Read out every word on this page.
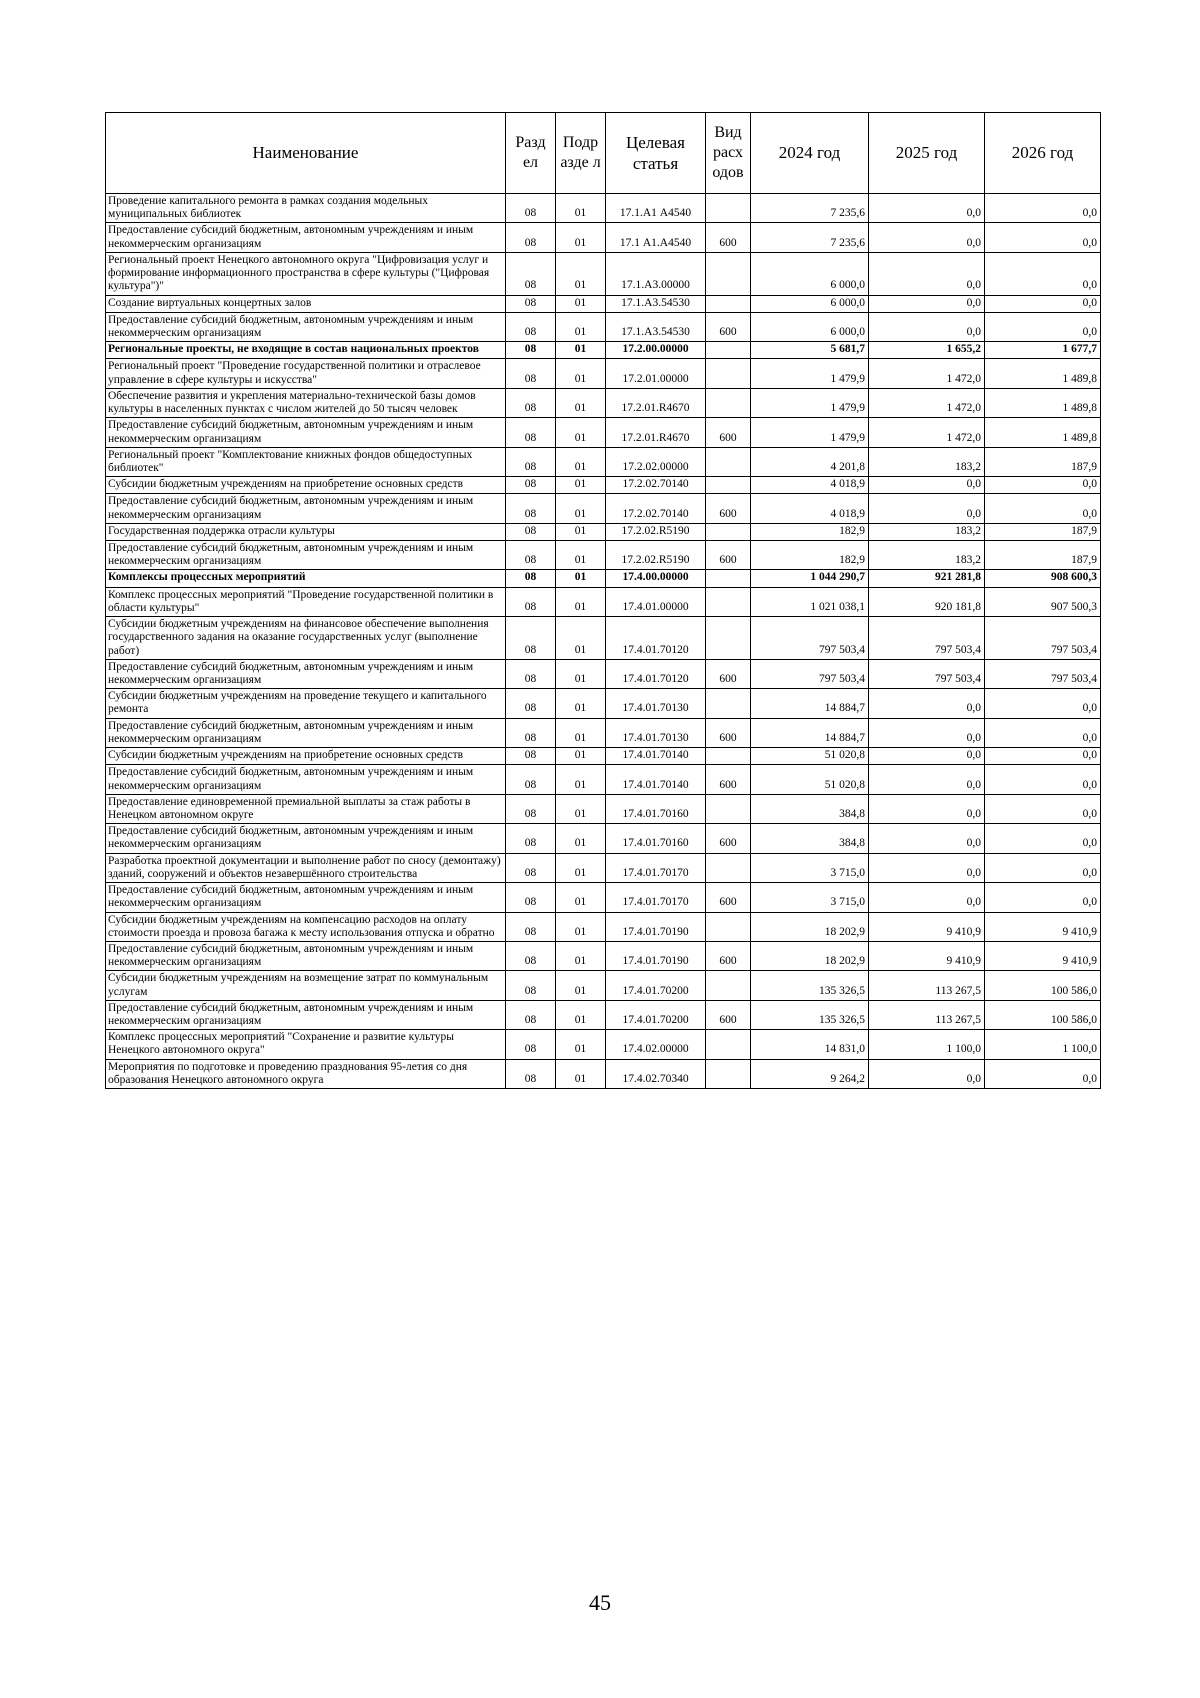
Наименование	Разд ел	Подр азде л	Целевая статья	Вид расх одов	2024 год	2025 год	2026 год
Проведение капитального ремонта в рамках создания модельных муниципальных библиотек	08	01	17.1.А1 А4540		7 235,6	0,0	0,0
Предоставление субсидий бюджетным, автономным учреждениям и иным некоммерческим организациям	08	01	17.1 А1.А4540	600	7 235,6	0,0	0,0
Региональный проект Ненецкого автономного округа "Цифровизация услуг и формирование информационного пространства в сфере культуры ("Цифровая культура")"	08	01	17.1.А3.00000		6 000,0	0,0	0,0
Создание виртуальных концертных залов	08	01	17.1.А3.54530		6 000,0	0,0	0,0
Предоставление субсидий бюджетным, автономным учреждениям и иным некоммерческим организациям	08	01	17.1.А3.54530	600	6 000,0	0,0	0,0
Региональные проекты, не входящие в состав национальных проектов	08	01	17.2.00.00000		5 681,7	1 655,2	1 677,7
Региональный проект "Проведение государственной политики и отраслевое управление в сфере культуры и искусства"	08	01	17.2.01.00000		1 479,9	1 472,0	1 489,8
Обеспечение развития и укрепления материально-технической базы домов культуры в населенных пунктах с числом жителей до 50 тысяч человек	08	01	17.2.01.R4670		1 479,9	1 472,0	1 489,8
Предоставление субсидий бюджетным, автономным учреждениям и иным некоммерческим организациям	08	01	17.2.01.R4670	600	1 479,9	1 472,0	1 489,8
Региональный проект "Комплектование книжных фондов общедоступных библиотек"	08	01	17.2.02.00000		4 201,8	183,2	187,9
Субсидии бюджетным учреждениям на приобретение основных средств	08	01	17.2.02.70140		4 018,9	0,0	0,0
Предоставление субсидий бюджетным, автономным учреждениям и иным некоммерческим организациям	08	01	17.2.02.70140	600	4 018,9	0,0	0,0
Государственная поддержка отрасли культуры	08	01	17.2.02.R5190		182,9	183,2	187,9
Предоставление субсидий бюджетным, автономным учреждениям и иным некоммерческим организациям	08	01	17.2.02.R5190	600	182,9	183,2	187,9
Комплексы процессных мероприятий	08	01	17.4.00.00000		1 044 290,7	921 281,8	908 600,3
Комплекс процессных мероприятий "Проведение государственной политики в области культуры"	08	01	17.4.01.00000		1 021 038,1	920 181,8	907 500,3
Субсидии бюджетным учреждениям на финансовое обеспечение выполнения государственного задания на оказание государственных услуг (выполнение работ)	08	01	17.4.01.70120		797 503,4	797 503,4	797 503,4
Предоставление субсидий бюджетным, автономным учреждениям и иным некоммерческим организациям	08	01	17.4.01.70120	600	797 503,4	797 503,4	797 503,4
Субсидии бюджетным учреждениям на проведение текущего и капитального ремонта	08	01	17.4.01.70130		14 884,7	0,0	0,0
Предоставление субсидий бюджетным, автономным учреждениям и иным некоммерческим организациям	08	01	17.4.01.70130	600	14 884,7	0,0	0,0
Субсидии бюджетным учреждениям на приобретение основных средств	08	01	17.4.01.70140		51 020,8	0,0	0,0
Предоставление субсидий бюджетным, автономным учреждениям и иным некоммерческим организациям	08	01	17.4.01.70140	600	51 020,8	0,0	0,0
Предоставление единовременной премиальной выплаты за стаж работы в Ненецком автономном округе	08	01	17.4.01.70160		384,8	0,0	0,0
Предоставление субсидий бюджетным, автономным учреждениям и иным некоммерческим организациям	08	01	17.4.01.70160	600	384,8	0,0	0,0
Разработка проектной документации и выполнение работ по сносу (демонтажу) зданий, сооружений и объектов незавершённого строительства	08	01	17.4.01.70170		3 715,0	0,0	0,0
Предоставление субсидий бюджетным, автономным учреждениям и иным некоммерческим организациям	08	01	17.4.01.70170	600	3 715,0	0,0	0,0
Субсидии бюджетным учреждениям на компенсацию расходов на оплату стоимости проезда и провоза багажа к месту использования отпуска и обратно	08	01	17.4.01.70190		18 202,9	9 410,9	9 410,9
Предоставление субсидий бюджетным, автономным учреждениям и иным некоммерческим организациям	08	01	17.4.01.70190	600	18 202,9	9 410,9	9 410,9
Субсидии бюджетным учреждениям на возмещение затрат по коммунальным услугам	08	01	17.4.01.70200		135 326,5	113 267,5	100 586,0
Предоставление субсидий бюджетным, автономным учреждениям и иным некоммерческим организациям	08	01	17.4.01.70200	600	135 326,5	113 267,5	100 586,0
Комплекс процессных мероприятий "Сохранение и развитие культуры Ненецкого автономного округа"	08	01	17.4.02.00000		14 831,0	1 100,0	1 100,0
Мероприятия по подготовке и проведению празднования 95-летия со дня образования Ненецкого автономного округа	08	01	17.4.02.70340		9 264,2	0,0	0,0
45
